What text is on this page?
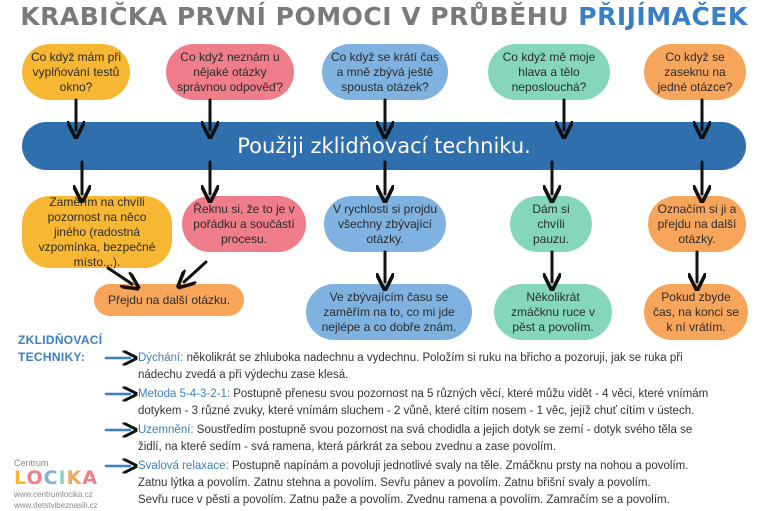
KRABIČKA PRVNÍ POMOCI V PRŮBĚHU PŘIJÍMAČEK
Co když mám při vyplňování testů okno?
Co když neznám u nějaké otázky správnou odpověď?
Co když se krátí čas a mně zbývá ještě spousta otázek?
Co když mě moje hlava a tělo neposlouchá?
Co když se zaseknu na jedné otázce?
Použiji zklidňovací techniku.
Zaměřím na chvíli pozornost na něco jiného (radostná vzpomínka, bezpečné místo...).
Řeknu si, že to je v pořádku a součástí procesu.
V rychlosti si projdu všechny zbývající otázky.
Dám si chvíli pauzu.
Označím si ji a přejdu na další otázky.
Přejdu na další otázku.	Ve zbývajícím času se zaměřím na to, co mi jde nejlépe a co dobře znám.
Několikrát zmáčknu ruce v pěst a povolím.
Pokud zbyde čas, na konci se k ní vrátím.
ZKLIDŇOVACÍ
TECHNIKY:	Dýchání: několikrát se zhluboka nadechnu a vydechnu. Položím si ruku na břicho a pozoruji, jak se ruka při
nádechu zvedá a při výdechu zase klesá.
Metoda 5-4-3-2-1: Postupně přenesu svou pozornost na 5 různých věcí, které můžu vidět - 4 věci, které vnímám
dotykem - 3 různé zvuky, které vnímám sluchem - 2 vůně, které cítím nosem - 1 věc, jejíž chuť cítím v ústech.
Uzemnění: Soustředím postupně svou pozornost na svá chodidla a jejich dotyk se zemí - dotyk svého těla se
židlí, na které sedím - svá ramena, která párkrát za sebou zvednu a zase povolím.
Svalová relaxace: Postupně napínám a povoluji jednotlivé svaly na těle. Zmáčknu prsty na nohou a povolím.
Zatnu lýtka a povolím. Zatnu stehna a povolím. Sevřu pánev a povolím. Zatnu břišní svaly a povolím.
Sevřu ruce v pěsti a povolím. Zatnu paže a povolím. Zvednu ramena a povolím. Zamračím se a povolím.
Centrum
LOCIKA
www.centrumlocika.cz
www.detstvibeznasili.cz
